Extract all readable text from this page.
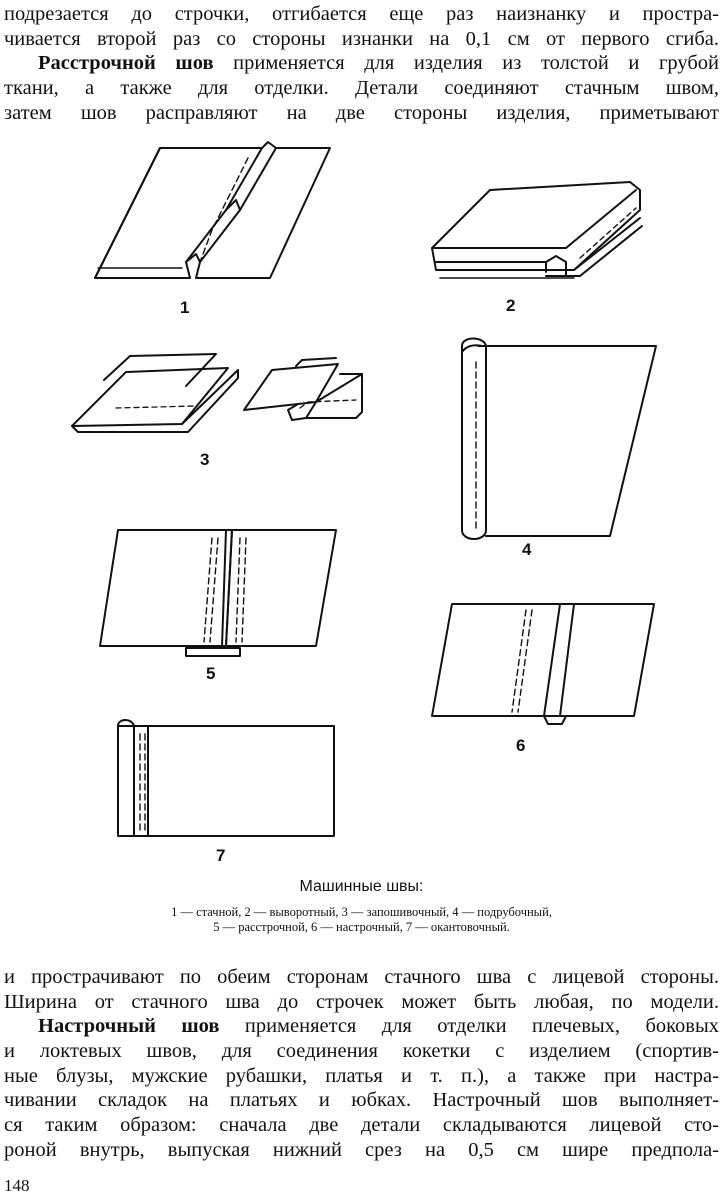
подрезается до строчки, отгибается еще раз наизнанку и простра-
чивается второй раз со стороны изнанки на 0,1 см от первого сгиба.
Расстрочной шов применяется для изделия из толстой и грубой
ткани, а также для отделки. Детали соединяют стачным швом,
затем шов расправляют на две стороны изделия, приметывают
1	2
3
4
5
6
7
Машинные швы:
1 — стачной, 2 — выворотный, 3 — запошивочный, 4 — подрубочный,
5 — расстрочной, 6 — настрочный, 7 — окантовочный.
и прострачивают по обеим сторонам стачного шва с лицевой стороны.
Ширина от стачного шва до строчек может быть любая, по модели.
Настрочный шов применяется для отделки плечевых, боковых
и локтевых швов, для соединения кокетки с изделием (спортив-
ные блузы, мужские рубашки, платья и т. п.), а также при настра-
чивании складок на платьях и юбках. Настрочный шов выполняет-
ся таким образом: сначала две детали складываются лицевой сто-
роной внутрь, выпуская нижний срез на 0,5 см шире предпола-
148
